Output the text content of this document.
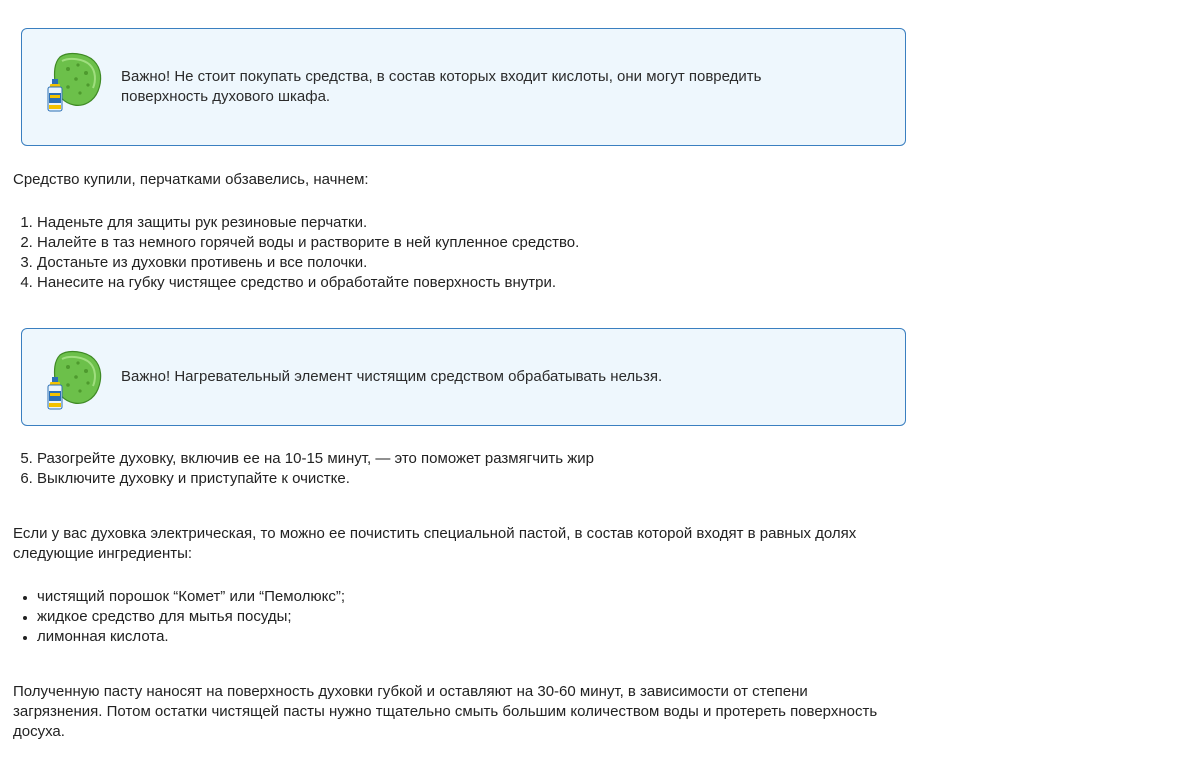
Важно! Не стоит покупать средства, в состав которых входит кислоты, они могут повредить поверхность духового шкафа.

Средство купили, перчатками обзавелись, начнем:

1. Наденьте для защиты рук резиновые перчатки.
2. Налейте в таз немного горячей воды и растворите в ней купленное средство.
3. Достаньте из духовки противень и все полочки.
4. Нанесите на губку чистящее средство и обработайте поверхность внутри.
Важно! Нагревательный элемент чистящим средством обрабатывать нельзя.
5. Разогрейте духовку, включив ее на 10-15 минут, — это поможет размягчить жир
6. Выключите духовку и приступайте к очистке.

Если у вас духовка электрическая, то можно ее почистить специальной пастой, в состав которой входят в равных долях следующие ингредиенты:

• чистящий порошок “Комет” или “Пемолюкс”;
• жидкое средство для мытья посуды;
• лимонная кислота.

Полученную пасту наносят на поверхность духовки губкой и оставляют на 30-60 минут, в зависимости от степени загрязнения. Потом остатки чистящей пасты нужно тщательно смыть большим количеством воды и протереть поверхность досуха.
